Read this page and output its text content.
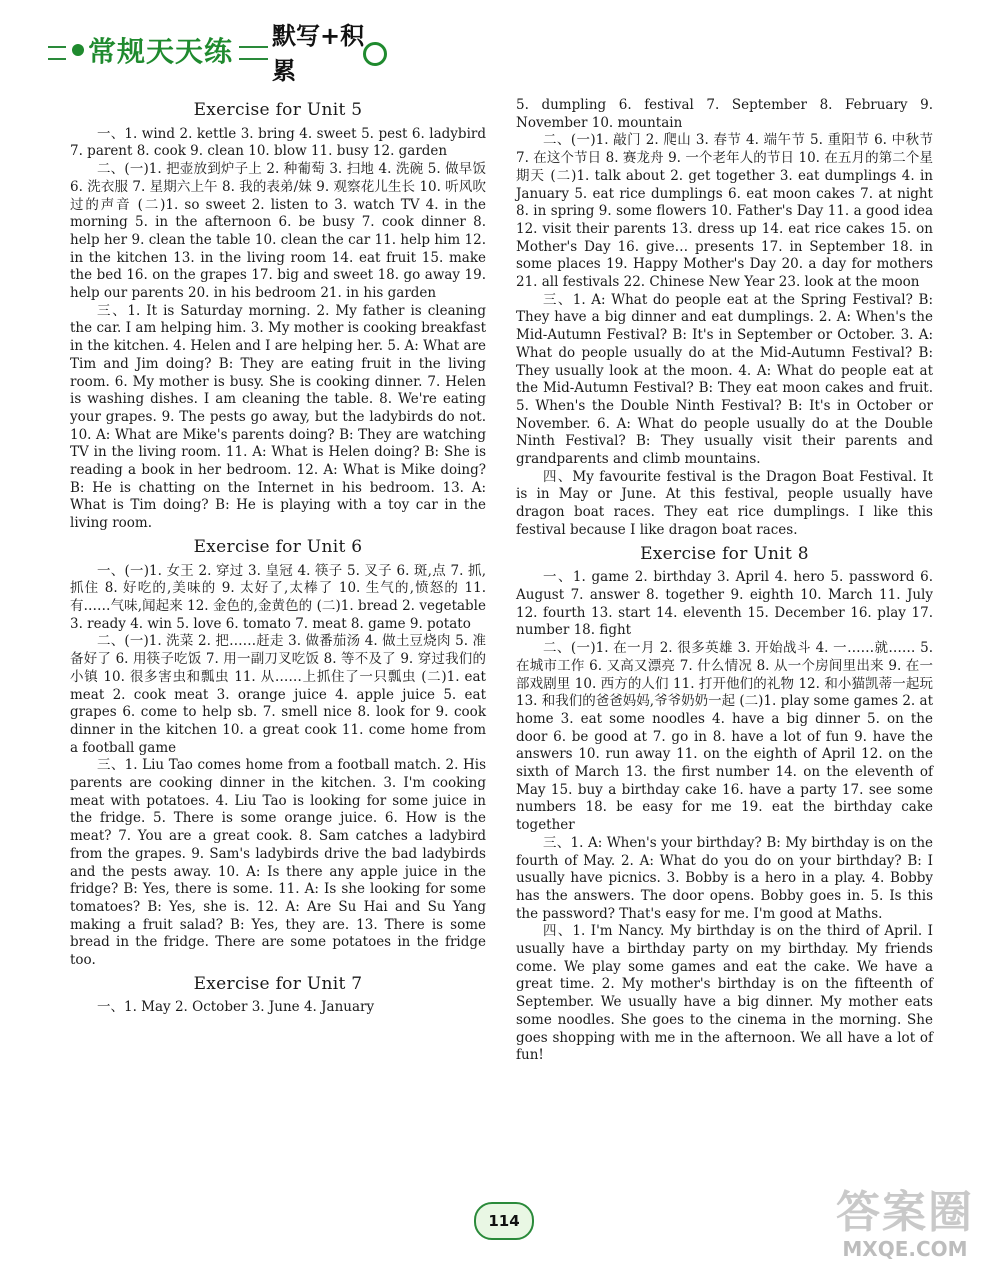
常规天天练 默写+积累
Exercise for Unit 5

一、1. wind 2. kettle 3. bring 4. sweet 5. pest 6. ladybird 7. parent 8. cook 9. clean 10. blow 11. busy 12. garden

二、(一)1. 把壶放到炉子上 2. 种葡萄 3. 扫地 4. 洗碗 5. 做早饭 6. 洗衣服 7. 星期六上午 8. 我的表弟/妹 9. 观察花儿生长 10. 听风吹过的声音 (二)1. so sweet 2. listen to 3. watch TV 4. in the morning 5. in the afternoon 6. be busy 7. cook dinner 8. help her 9. clean the table 10. clean the car 11. help him 12. in the kitchen 13. in the living room 14. eat fruit 15. make the bed 16. on the grapes 17. big and sweet 18. go away 19. help our parents 20. in his bedroom 21. in his garden

三、1. It is Saturday morning. 2. My father is cleaning the car. I am helping him. 3. My mother is cooking breakfast in the kitchen. 4. Helen and I are helping her. 5. A: What are Tim and Jim doing? B: They are eating fruit in the living room. 6. My mother is busy. She is cooking dinner. 7. Helen is washing dishes. I am cleaning the table. 8. We're eating your grapes. 9. The pests go away, but the ladybirds do not. 10. A: What are Mike's parents doing? B: They are watching TV in the living room. 11. A: What is Helen doing? B: She is reading a book in her bedroom. 12. A: What is Mike doing? B: He is chatting on the Internet in his bedroom. 13. A: What is Tim doing? B: He is playing with a toy car in the living room.

Exercise for Unit 6

一、(一)1. 女王 2. 穿过 3. 皇冠 4. 筷子 5. 叉子 6. 斑,点 7. 抓,抓住 8. 好吃的,美味的 9. 太好了,太棒了 10. 生气的,愤怒的 11. 有……气味,闻起来 12. 金色的,金黄色的 (二)1. bread 2. vegetable 3. ready 4. win 5. love 6. tomato 7. meat 8. game 9. potato

二、(一)1. 洗菜 2. 把……赶走 3. 做番茄汤 4. 做土豆烧肉 5. 准备好了 6. 用筷子吃饭 7. 用一副刀叉吃饭 8. 等不及了 9. 穿过我们的小镇 10. 很多害虫和瓢虫 11. 从……上抓住了一只瓢虫 (二)1. eat meat 2. cook meat 3. orange juice 4. apple juice 5. eat grapes 6. come to help sb. 7. smell nice 8. look for 9. cook dinner in the kitchen 10. a great cook 11. come home from a football game

三、1. Liu Tao comes home from a football match. 2. His parents are cooking dinner in the kitchen. 3. I'm cooking meat with potatoes. 4. Liu Tao is looking for some juice in the fridge. 5. There is some orange juice. 6. How is the meat? 7. You are a great cook. 8. Sam catches a ladybird from the grapes. 9. Sam's ladybirds drive the bad ladybirds and the pests away. 10. A: Is there any apple juice in the fridge? B: Yes, there is some. 11. A: Is she looking for some tomatoes? B: Yes, she is. 12. A: Are Su Hai and Su Yang making a fruit salad? B: Yes, they are. 13. There is some bread in the fridge. There are some potatoes in the fridge too.

Exercise for Unit 7

一、1. May 2. October 3. June 4. January

5. dumpling 6. festival 7. September 8. February 9. November 10. mountain

二、(一)1. 敲门 2. 爬山 3. 春节 4. 端午节 5. 重阳节 6. 中秋节 7. 在这个节日 8. 赛龙舟 9. 一个老年人的节日 10. 在五月的第二个星期天 (二)1. talk about 2. get together 3. eat dumplings 4. in January 5. eat rice dumplings 6. eat moon cakes 7. at night 8. in spring 9. some flowers 10. Father's Day 11. a good idea 12. visit their parents 13. dress up 14. eat rice cakes 15. on Mother's Day 16. give… presents 17. in September 18. in some places 19. Happy Mother's Day 20. a day for mothers 21. all festivals 22. Chinese New Year 23. look at the moon

三、1. A: What do people eat at the Spring Festival? B: They have a big dinner and eat dumplings. 2. A: When's the Mid-Autumn Festival? B: It's in September or October. 3. A: What do people usually do at the Mid-Autumn Festival? B: They usually look at the moon. 4. A: What do people eat at the Mid-Autumn Festival? B: They eat moon cakes and fruit. 5. When's the Double Ninth Festival? B: It's in October or November. 6. A: What do people usually do at the Double Ninth Festival? B: They usually visit their parents and grandparents and climb mountains.

四、My favourite festival is the Dragon Boat Festival. It is in May or June. At this festival, people usually have dragon boat races. They eat rice dumplings. I like this festival because I like dragon boat races.

Exercise for Unit 8

一、1. game 2. birthday 3. April 4. hero 5. password 6. August 7. answer 8. together 9. eighth 10. March 11. July 12. fourth 13. start 14. eleventh 15. December 16. play 17. number 18. fight

二、(一)1. 在一月 2. 很多英雄 3. 开始战斗 4. 一……就…… 5. 在城市工作 6. 又高又漂亮 7. 什么情况 8. 从一个房间里出来 9. 在一部戏剧里 10. 西方的人们 11. 打开他们的礼物 12. 和小猫凯蒂一起玩 13. 和我们的爸爸妈妈,爷爷奶奶一起 (二)1. play some games 2. at home 3. eat some noodles 4. have a big dinner 5. on the door 6. be good at 7. go in 8. have a lot of fun 9. have the answers 10. run away 11. on the eighth of April 12. on the sixth of March 13. the first number 14. on the eleventh of May 15. buy a birthday cake 16. have a party 17. see some numbers 18. be easy for me 19. eat the birthday cake together

三、1. A: When's your birthday? B: My birthday is on the fourth of May. 2. A: What do you do on your birthday? B: I usually have picnics. 3. Bobby is a hero in a play. 4. Bobby has the answers. The door opens. Bobby goes in. 5. Is this the password? That's easy for me. I'm good at Maths.

四、1. I'm Nancy. My birthday is on the third of April. I usually have a birthday party on my birthday. My friends come. We play some games and eat the cake. We have a great time. 2. My mother's birthday is on the fifteenth of September. We usually have a big dinner. My mother eats some noodles. She goes to the cinema in the morning. She goes shopping with me in the afternoon. We all have a lot of fun!

114	答案圈
MXQE.COM
